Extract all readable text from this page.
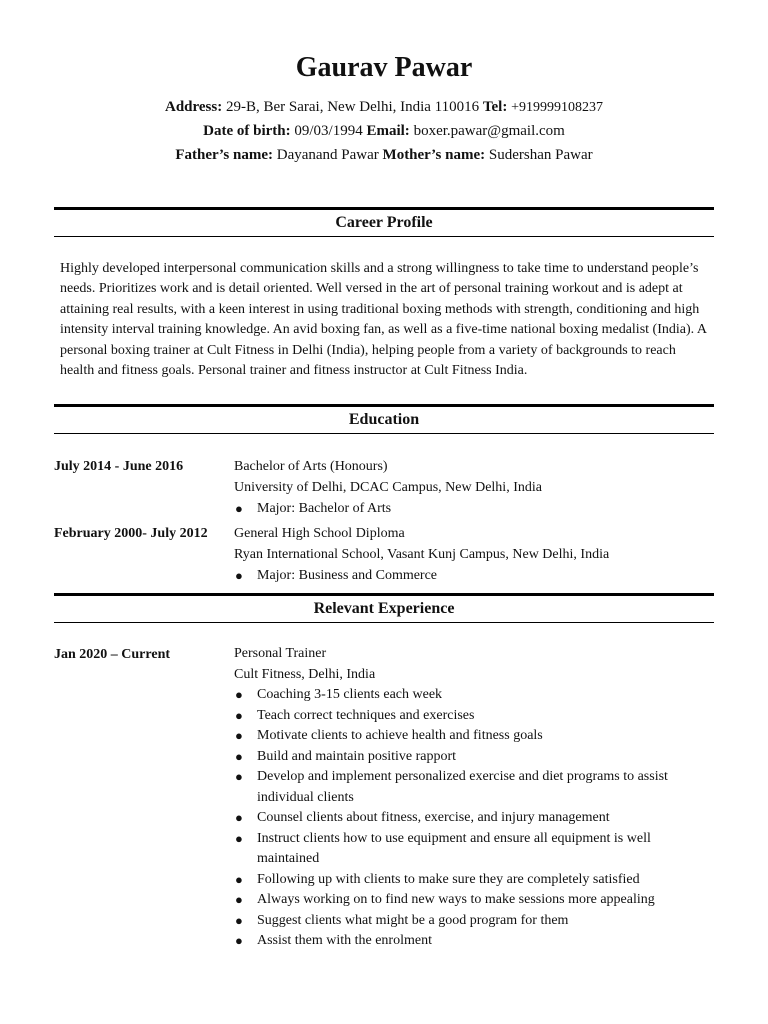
Gaurav Pawar
Address: 29-B, Ber Sarai, New Delhi, India 110016 Tel: +919999108237
Date of birth: 09/03/1994 Email: boxer.pawar@gmail.com
Father’s name: Dayanand Pawar Mother’s name: Sudershan Pawar
Career Profile
Highly developed interpersonal communication skills and a strong willingness to take time to understand people’s needs. Prioritizes work and is detail oriented. Well versed in the art of personal training workout and is adept at attaining real results, with a keen interest in using traditional boxing methods with strength, conditioning and high intensity interval training knowledge. An avid boxing fan, as well as a five-time national boxing medalist (India). A personal boxing trainer at Cult Fitness in Delhi (India), helping people from a variety of backgrounds to reach health and fitness goals. Personal trainer and fitness instructor at Cult Fitness India.
Education
July 2014 - June 2016	Bachelor of Arts (Honours)
University of Delhi, DCAC Campus, New Delhi, India
● Major: Bachelor of Arts
February 2000- July 2012 General High School Diploma
Ryan International School, Vasant Kunj Campus, New Delhi, India
● Major: Business and Commerce
Relevant Experience
Jan 2020 – Current	Personal Trainer
Cult Fitness, Delhi, India
● Coaching 3-15 clients each week
● Teach correct techniques and exercises
● Motivate clients to achieve health and fitness goals
● Build and maintain positive rapport
● Develop and implement personalized exercise and diet programs to assist individual clients
● Counsel clients about fitness, exercise, and injury management
● Instruct clients how to use equipment and ensure all equipment is well maintained
● Following up with clients to make sure they are completely satisfied
● Always working on to find new ways to make sessions more appealing
● Suggest clients what might be a good program for them
● Assist them with the enrolment
